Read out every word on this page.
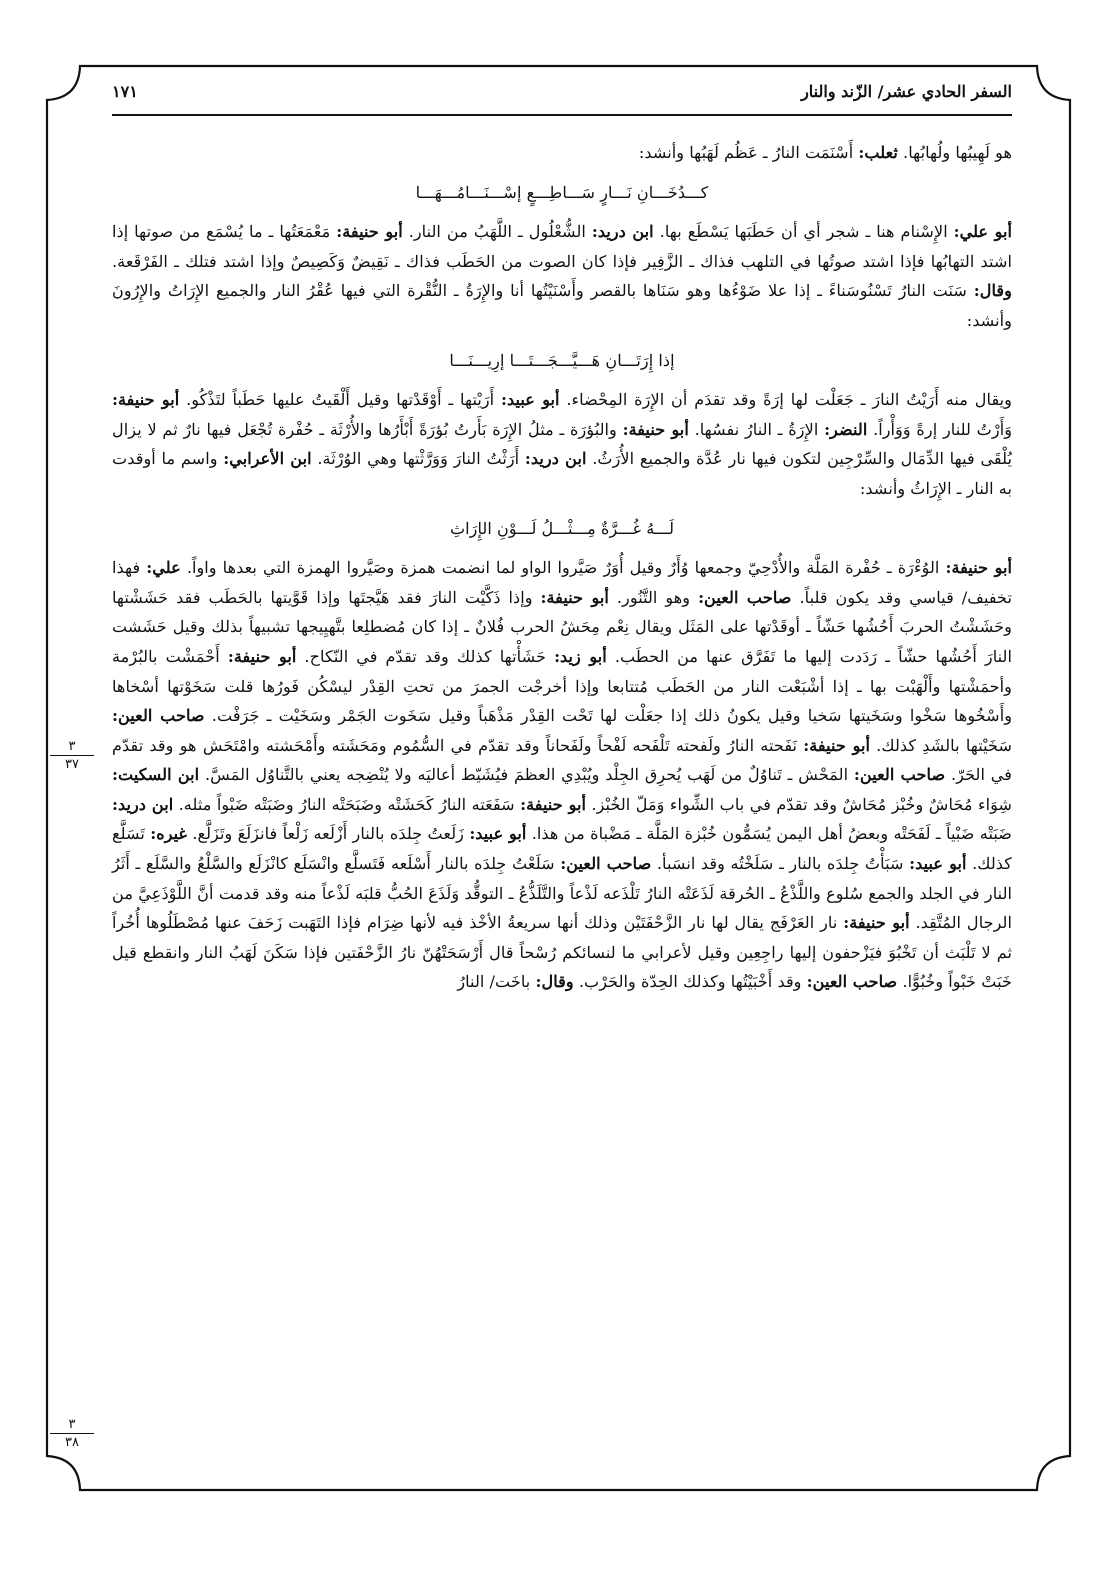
السفر الحادي عشر/ الزّند والنار
١٧١

هو لَهِيبُها ولُهابُها. ثعلب: أَسْنَمَت النارُ ـ عَظُم لَهَبُها وأنشد:

كـــدُخَـــانِ نَـــارٍ سَـــاطِـــعٍ إسْـــنَـــامُـــهَـــا

أبو علي: الإِسْنام هنا ـ شجر أي أن حَطَبَها يَسْطَع بها. ابن دريد: الشُّعْلُول ـ اللَّهَبُ من النار. أبو حنيفة: مَعْمَعَتُها ـ ما يُسْمَع من صوتها إذا اشتد التهابُها فإذا اشتد صوتُها في التلهب فذاك ـ الزَّفِير فإذا كان الصوت من الحَطَب فذاك ـ نَقِيضٌ وَكَصِيصٌ وإذا اشتد فتلك ـ الفَرْقَعة. وقال: سَنَت النارُ تَسْنُوسَناءً ـ إذا علا ضَوْءُها وهو سَنَاها بالقصر وأَسْنَيْتُها أنا والإِرَةُ ـ النُّقْرة التي فيها عُقْرُ النار والجميع الإِرَاتُ والإِرُونَ وأنشد:

إذا إِرَتَـــانِ هَـــيَّـــجَـــتَـــا إرِيـــنَـــا

ويقال منه أَرَيْتُ النارَ ـ جَعَلْت لها إرَةً وقد تقدَم أن الإِرَة المِحْضاء. أبو عبيد: أَرَيْتها ـ أَوْقَدْتها وقيل أَلْقَيتُ عليها حَطَباً لتَذْكُو. أبو حنيفة: وَأَرْتُ للنار إرةً وَوَأْراً. النضر: الإِرَةُ ـ النارُ نفسُها. أبو حنيفة: والبُؤرَة ـ مثلُ الإِرَة بَأَرتُ بُؤرَةً أَبْأَرُها والأُرْثَة ـ حُفْرة تُجْعَل فيها نارٌ ثم لا يزال يُلْقَى فيها الدِّمَال والسِّرْجِين لتكون فيها نار عُدَّة والجميع الأُرَثُ. ابن دريد: أَرَثْتُ النارَ وَوَرَّثْتها وهي الوُرْثَة. ابن الأعرابي: واسم ما أوقدت به النار ـ الإِرَاثُ وأنشد:

لَـــهُ غُـــرَّةٌ مِـــثْـــلُ لَـــوْنِ الإِرَاثِ

أبو حنيفة: الوُءْرَة ـ حُفْرة المَلَّة والأُدْحِيّ وجمعها وُأَرٌ وقيل أُوَرٌ صَيَّروا الواو لما انضمت همزة وصَيَّروا الهمزة التي بعدها واواً. علي: فهذا تخفيف/ قياسي وقد يكون قلباً. صاحب العين: وهو التَّنُور. أبو حنيفة: وإذا ذَكَّيْت النارَ فقد هَيَّجتَها وإذا قَوَّيتها بالحَطَب فقد حَشَشْتها وحَشَشْتُ الحربَ أَحُشُها حَشّاً ـ أوقَدْتها على المَثَل ويقال نِعْم مِحَشُ الحرب فُلانٌ ـ إذا كان مُضطلِعا بتَّهيِيجها تشبيهاً بذلك وقيل حَشَشت النارَ أَحُشُها حشّاً ـ رَدَدت إليها ما تَفَرَّق عنها من الحطَب. أبو زيد: حَشَأْتها كذلك وقد تقدّم في النّكاح. أبو حنيفة: أَحْمَشْت بالبُرْمة وأحمَشْتها وأَلْهَبْت بها ـ إذا أشْبَعْت النار من الحَطَب مُتتابعا وإذا أخرجْت الجمرَ من تحتِ القِدْر ليسْكُن فَورُها قلت سَخَوْتها أسْخاها وأَسْخُوها سَخْوا وسَخَيتها سَخيا وقيل يكونُ ذلك إذا جعَلْت لها تَحْت القِدْر مَذْهَباً وقيل سَخَوت الجَمْر وسَخَيْت ـ جَرَفْت. صاحب العين: سَخَيْتها بالشَدِ كذلك. أبو حنيفة: نَفَحته النارُ ولَفحته تَلْفَحه لَفْحاً ولَفَحاناً وقد تقدّم في السُّمُوم ومَحَشَته وأَمْحَشته وامْتَحَش هو وقد تقدّم في الحَرّ. صاحب العين: المَحْش ـ تَناوُلٌ من لَهَب يُحرِق الجِلْد ويُبْدِي العظمَ فيُشَيّط أعاليَه ولا يُنْضِجه يعني بالتَّناوُل المَسَّ. ابن السكيت: شِوَاء مُحَاشٌ وخُبْز مُحَاشٌ وقد تقدّم في باب الشِّواء وَمَلّ الخُبْز. أبو حنيفة: سَفَعَته النارُ كَحَشَتْه وضَبَحَتْه النارُ وضَبَتْه ضَبْواً مثله. ابن دريد: ضَبَتْه ضَبْياً ـ لَفَحَتْه وبعضُ أهل اليمن يُسَمُّون خُبْزة المَلَّة ـ مَضْباة من هذا. أبو عبيد: زَلَعتُ جِلدَه بالنار أَزْلَعه زَلْعاً فانزَلَعَ وتَزَلَّع. غيره: تَسَلَّع كذلك. أبو عبيد: سَبَأْتُ جِلدَه بالنار ـ سَلَخْتُه وقد انسَبأ. صاحب العين: سَلَعْتُ جِلدَه بالنار أَسْلَعه فَتَسلَّع وانْسَلَع كانْزَلَع والسَّلْعُ والسَّلَع ـ أَثَرُ النار في الجلد والجمع سُلوع واللَّذْعُ ـ الحُرقة لَذَعَتْه النارُ تَلْذَعه لَذْعاً والتَّلَذُّعُ ـ التوقُّد وَلَذَعَ الحُبُّ قلبَه لَذْعاً منه وقد قدمت أنَّ اللَّوْذَعِيَّ من الرجال المُتَّقِد. أبو حنيفة: نار العَرْفَج يقال لها نار الزَّحْفَتَيْن وذلك أنها سريعةُ الأخْذ فيه لأنها ضِرَام فإذا التَهَبت زَحَفَ عنها مُصْطَلُوها أُخُراً ثم لا تَلْبَث أن تَخْبُوَ فيَزْحفون إليها راجِعِين وقيل لأعرابي ما لنسائكم رُسْحاً قال أَرْسَحَتْهُنّ نارُ الزَّحْفَتين فإذا سَكَنَ لَهَبُ النار وانقطع قيل خَبَتْ خَبْواً وخُبُوًّا. صاحب العين: وقد أَخْبَيْتُها وكذلك الحِدّة والحَرْب. وقال: باخَت/ النارُ

٣
٣٧
٣
٣٨
